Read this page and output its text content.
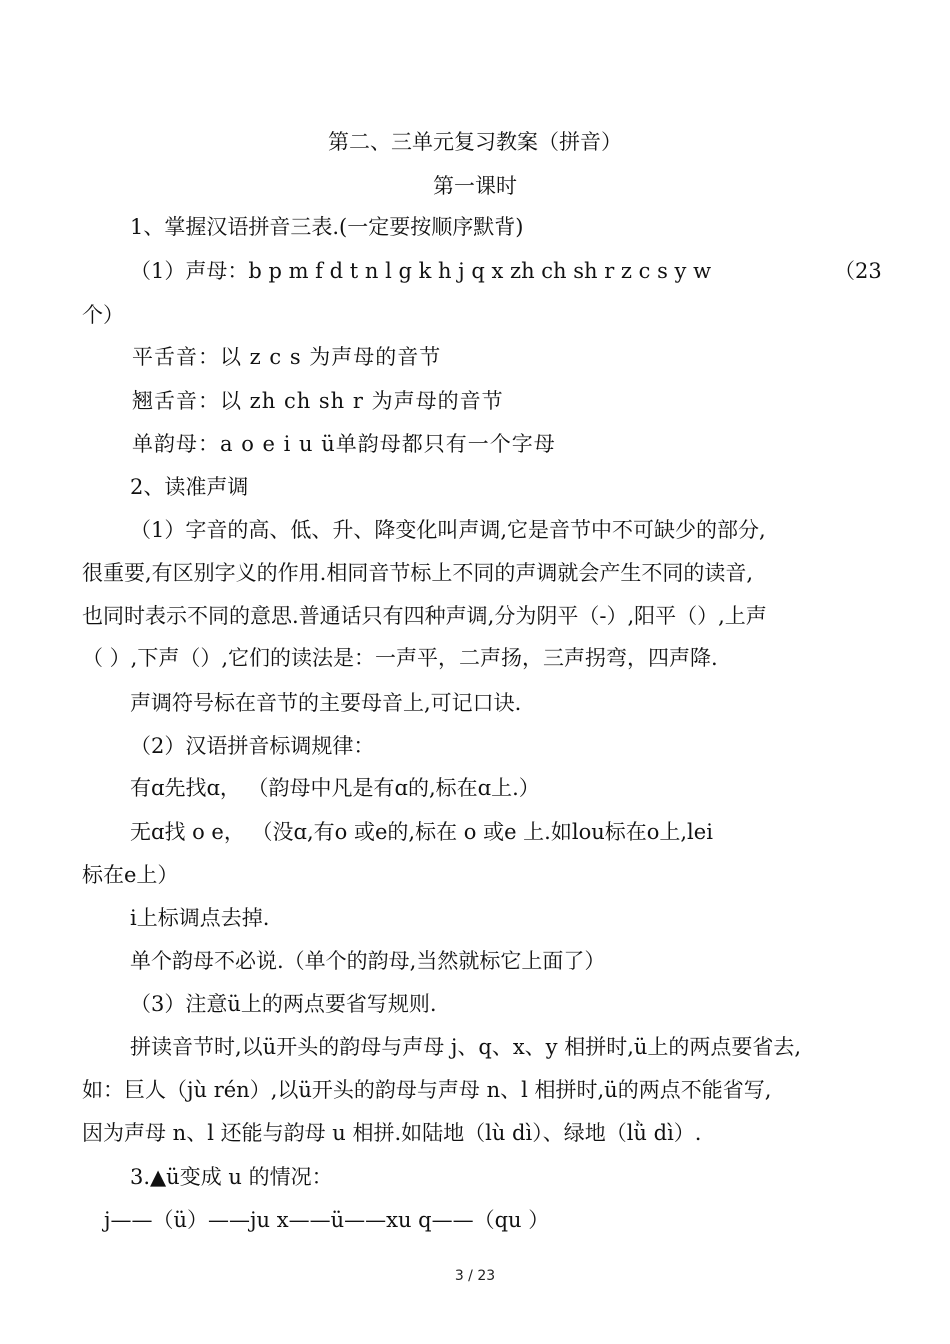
第二、三单元复习教案（拼音）
第一课时
1、掌握汉语拼音三表.(一定要按顺序默背)
（1）声母：b p m f d t n l g k h j q x zh ch sh r z c s y w	（23
个）
平舌音：以 z c s 为声母的音节
翘舌音：以 zh ch sh r 为声母的音节
单韵母：a o e i u ü单韵母都只有一个字母
2、读准声调
（1）字音的高、低、升、降变化叫声调,它是音节中不可缺少的部分,
很重要,有区别字义的作用.相同音节标上不同的声调就会产生不同的读音,
也同时表示不同的意思.普通话只有四种声调,分为阴平（-）,阳平（）,上声
（ ）,下声（）,它们的读法是：一声平，二声扬，三声拐弯，四声降.
声调符号标在音节的主要母音上,可记口诀.
（2）汉语拼音标调规律：
有ɑ先找ɑ， （韵母中凡是有ɑ的,标在ɑ上.）
无ɑ找 o e， （没ɑ,有o 或e的,标在 o 或e 上.如lou标在o上,lei
标在e上）
i上标调点去掉.
单个韵母不必说.（单个的韵母,当然就标它上面了）
（3）注意ü上的两点要省写规则.
拼读音节时,以ü开头的韵母与声母 j、q、x、y 相拼时,ü上的两点要省去,
如：巨人（jù rén）,以ü开头的韵母与声母 n、l 相拼时,ü的两点不能省写,
因为声母 n、l 还能与韵母 u 相拼.如陆地（lù dì）、绿地（lǜ dì）.
3.▲ü变成 u 的情况：
j——（ü）——ju x——ü——xu q——（qu ）
3 / 23
